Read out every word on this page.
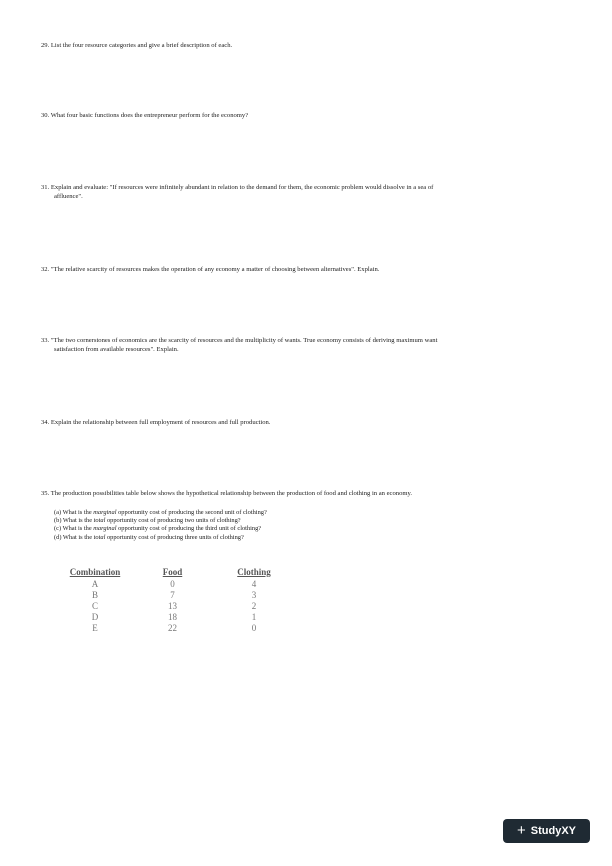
29. List the four resource categories and give a brief description of each.
30. What four basic functions does the entrepreneur perform for the economy?
31. Explain and evaluate: "If resources were infinitely abundant in relation to the demand for them, the economic problem would dissolve in a sea of
affluence".
32. "The relative scarcity of resources makes the operation of any economy a matter of choosing between alternatives". Explain.
33. "The two cornerstones of economics are the scarcity of resources and the multiplicity of wants. True economy consists of deriving maximum want
satisfaction from available resources". Explain.
34. Explain the relationship between full employment of resources and full production.
35. The production possibilities table below shows the hypothetical relationship between the production of food and clothing in an economy.
(a) What is the marginal opportunity cost of producing the second unit of clothing?
(b) What is the total opportunity cost of producing two units of clothing?
(c) What is the marginal opportunity cost of producing the third unit of clothing?
(d) What is the total opportunity cost of producing three units of clothing?
Combination	Food	Clothing
A	0	4
B	7	3
C	13	2
D	18	1
E	22	0
+ StudyXY
